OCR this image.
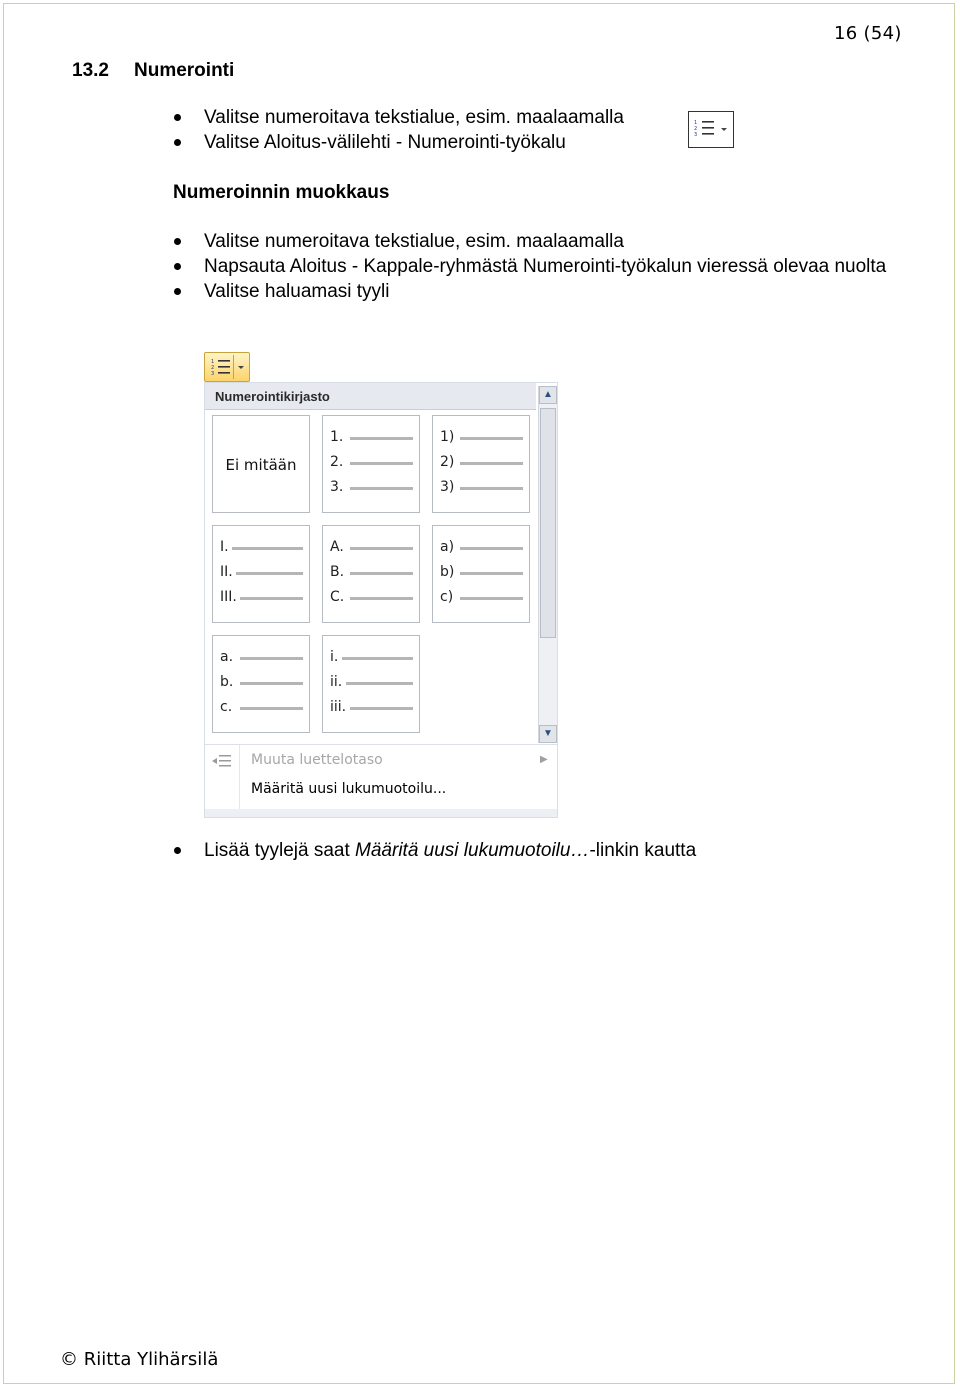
16 (54)
13.2 Numerointi
Valitse numeroitava tekstialue, esim. maalaamalla
Valitse Aloitus-välilehti - Numerointi-työkalu
1
2
3
Numeroinnin muokkaus
Valitse numeroitava tekstialue, esim. maalaamalla
Napsauta Aloitus - Kappale-ryhmästä Numerointi-työkalun vieressä olevaa nuolta
Valitse haluamasi tyyli
1
2
3
Numerointikirjasto
Ei mitään
1.
2.
3.
1)
2)
3)
I.
II.
III.
A.
B.
C.
a)
b)
c)
a.
b.
c.
i.
ii.
iii.
▲
▼
Muuta luettelotaso	▶
Määritä uusi lukumuotoilu...
Lisää tyylejä saat Määritä uusi lukumuotoilu…-linkin kautta
© Riitta Ylihärsilä
